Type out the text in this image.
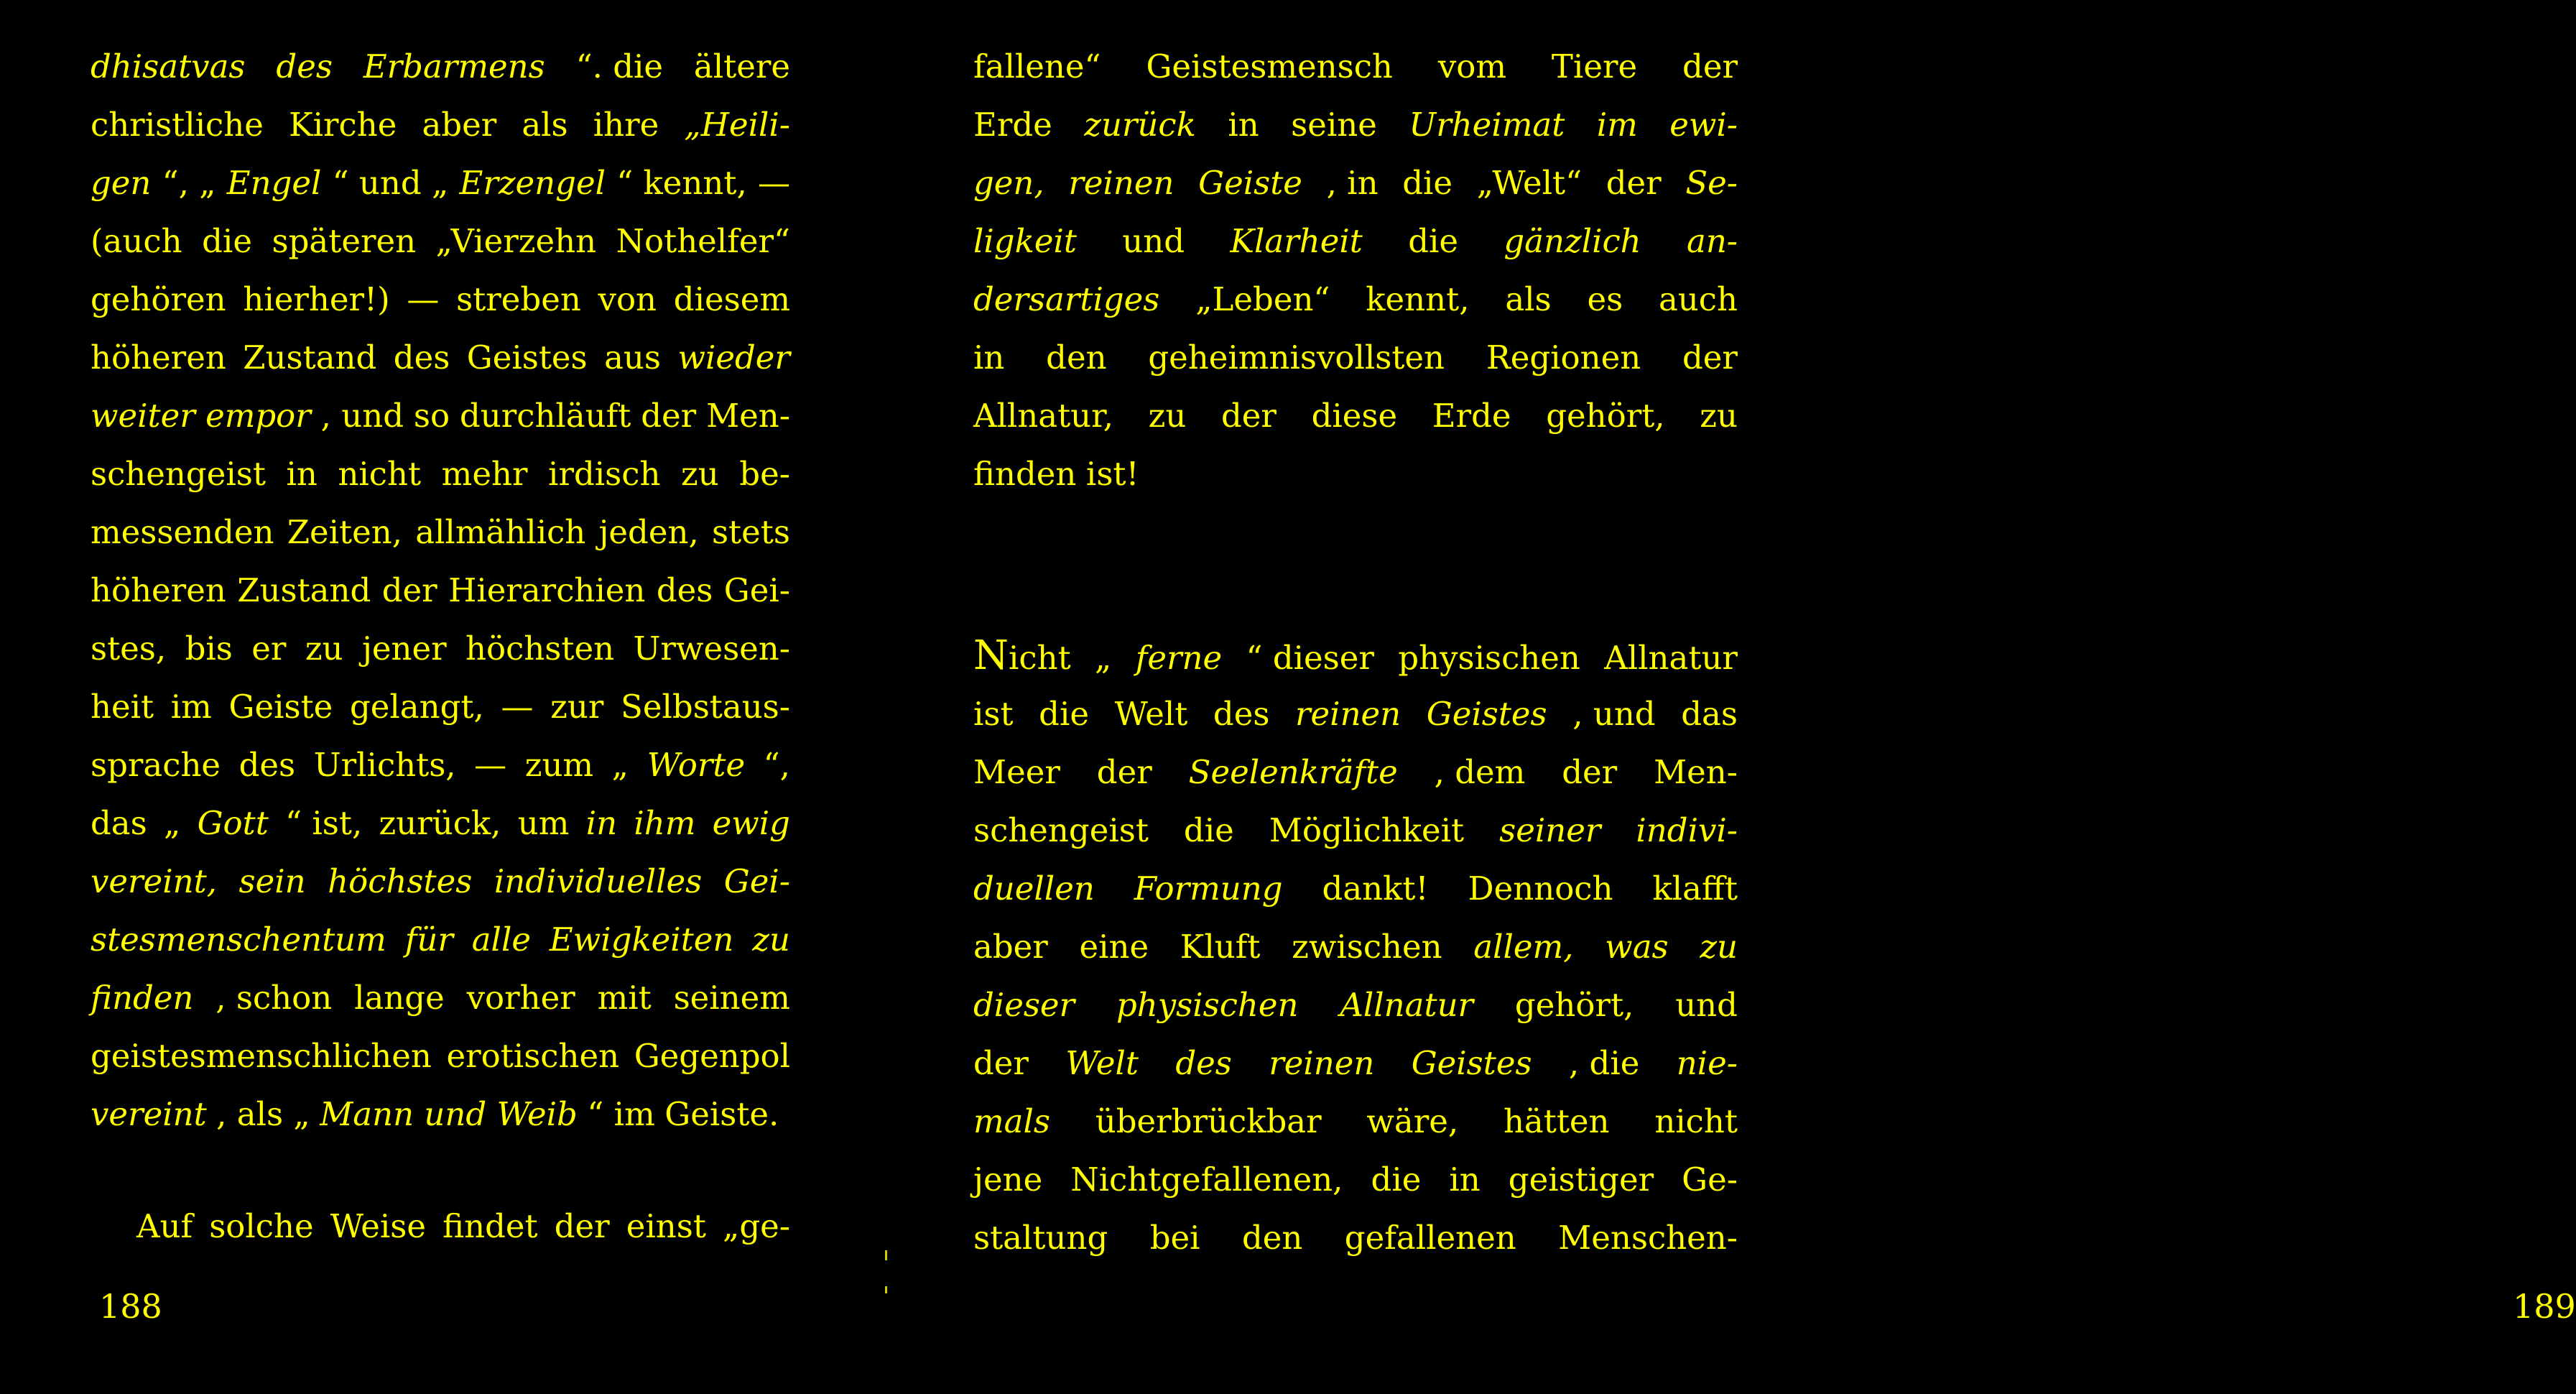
dhisatvas des Erbarmens “. die ältere
christliche Kirche aber als ihre „Heili-
gen “, „ Engel “ und „ Erzengel “ kennt, —
(auch die späteren „Vierzehn Nothelfer“
gehören hierher!) — streben von diesem
höheren Zustand des Geistes aus wieder
weiter empor , und so durchläuft der Men-
schengeist in nicht mehr irdisch zu be-
messenden Zeiten, allmählich jeden, stets
höheren Zustand der Hierarchien des Gei-
stes, bis er zu jener höchsten Urwesen-
heit im Geiste gelangt, — zur Selbstaus-
sprache des Urlichts, — zum „ Worte “,
das „ Gott “ ist, zurück, um in ihm ewig
vereint, sein höchstes individuelles Gei-
stesmenschentum für alle Ewigkeiten zu
finden , schon lange vorher mit seinem
geistesmenschlichen erotischen Gegenpol
vereint , als „ Mann und Weib “ im Geiste.
Auf solche Weise findet der einst „ge-
188
fallene“ Geistesmensch vom Tiere der
Erde zurück in seine Urheimat im ewi-
gen, reinen Geiste , in die „Welt“ der Se-
ligkeit und Klarheit die gänzlich an-
dersartiges „Leben“ kennt, als es auch
in den geheimnisvollsten Regionen der
Allnatur, zu der diese Erde gehört, zu
finden ist!
Nicht „ ferne “ dieser physischen Allnatur
ist die Welt des reinen Geistes , und das
Meer der Seelenkräfte , dem der Men-
schengeist die Möglichkeit seiner indivi-
duellen Formung dankt! Dennoch klafft
aber eine Kluft zwischen allem, was zu
dieser physischen Allnatur gehört, und
der Welt des reinen Geistes , die nie-
mals überbrückbar wäre, hätten nicht
jene Nichtgefallenen, die in geistiger Ge-
staltung bei den gefallenen Menschen-
189
